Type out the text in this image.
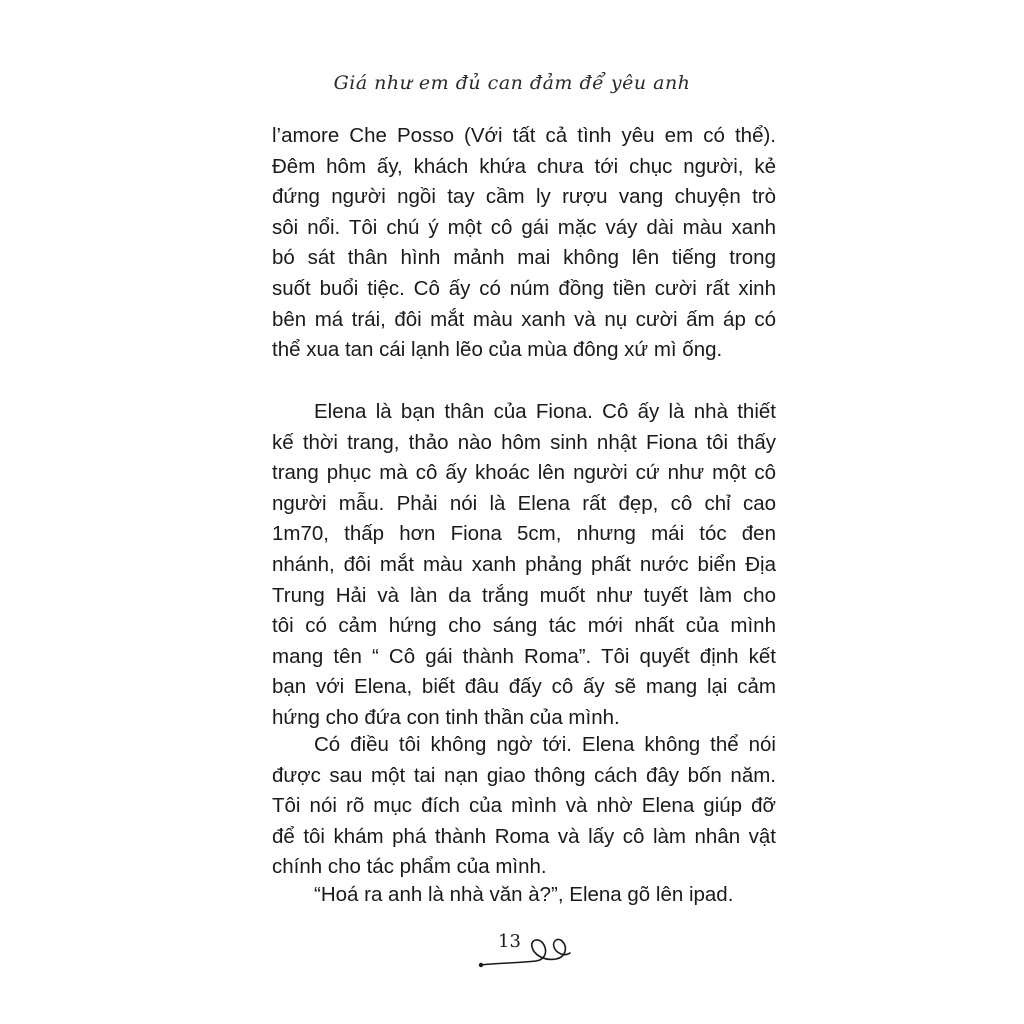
Giá như em đủ can đảm để yêu anh
l’amore Che Posso (Với tất cả tình yêu em có thể).
Đêm hôm ấy, khách khứa chưa tới chục người, kẻ
đứng người ngồi tay cầm ly rượu vang chuyện trò
sôi nổi. Tôi chú ý một cô gái mặc váy dài màu xanh
bó sát thân hình mảnh mai không lên tiếng trong
suốt buổi tiệc. Cô ấy có núm đồng tiền cười rất xinh
bên má trái, đôi mắt màu xanh và nụ cười ấm áp có
thể xua tan cái lạnh lẽo của mùa đông xứ mì ống.
Elena là bạn thân của Fiona. Cô ấy là nhà thiết
kế thời trang, thảo nào hôm sinh nhật Fiona tôi thấy
trang phục mà cô ấy khoác lên người cứ như một cô
người mẫu. Phải nói là Elena rất đẹp, cô chỉ cao
1m70, thấp hơn Fiona 5cm, nhưng mái tóc đen
nhánh, đôi mắt màu xanh phảng phất nước biển Địa
Trung Hải và làn da trắng muốt như tuyết làm cho
tôi có cảm hứng cho sáng tác mới nhất của mình
mang tên “ Cô gái thành Roma”. Tôi quyết định kết
bạn với Elena, biết đâu đấy cô ấy sẽ mang lại cảm
hứng cho đứa con tinh thần của mình.
Có điều tôi không ngờ tới. Elena không thể nói
được sau một tai nạn giao thông cách đây bốn năm.
Tôi nói rõ mục đích của mình và nhờ Elena giúp đỡ
để tôi khám phá thành Roma và lấy cô làm nhân vật
chính cho tác phẩm của mình.
“Hoá ra anh là nhà văn à?”, Elena gõ lên ipad.
13
